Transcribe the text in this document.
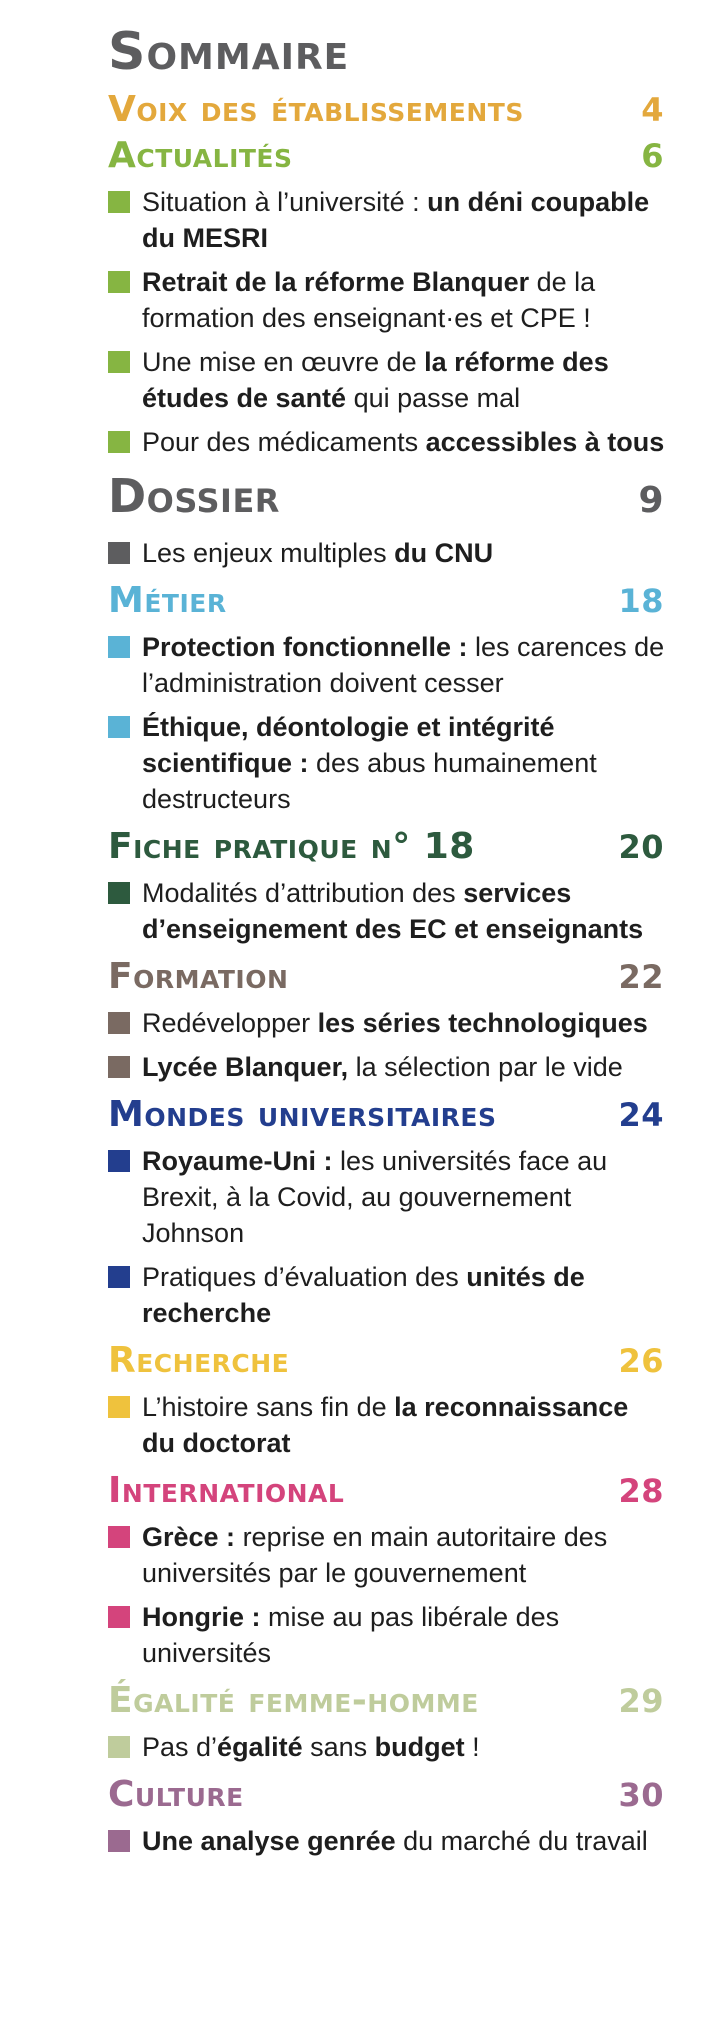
Sommaire
Voix des établissements	4
Actualités	6
Situation à l’université : un déni coupable du MESRI
Retrait de la réforme Blanquer de la formation des enseignant·es et CPE !
Une mise en œuvre de la réforme des études de santé qui passe mal
Pour des médicaments accessibles à tous
Dossier	9
Les enjeux multiples du CNU
Métier	18
Protection fonctionnelle : les carences de l’administration doivent cesser
Éthique, déontologie et intégrité scientifique : des abus humainement destructeurs
Fiche pratique n° 18	20
Modalités d’attribution des services d’enseignement des EC et enseignants
Formation	22
Redévelopper les séries technologiques
Lycée Blanquer, la sélection par le vide
Mondes universitaires	24
Royaume-Uni : les universités face au Brexit, à la Covid, au gouvernement Johnson
Pratiques d’évaluation des unités de recherche
Recherche	26
L’histoire sans fin de la reconnaissance du doctorat
International	28
Grèce : reprise en main autoritaire des universités par le gouvernement
Hongrie : mise au pas libérale des universités
Égalité femme-homme	29
Pas d’égalité sans budget !
Culture	30
Une analyse genrée du marché du travail
